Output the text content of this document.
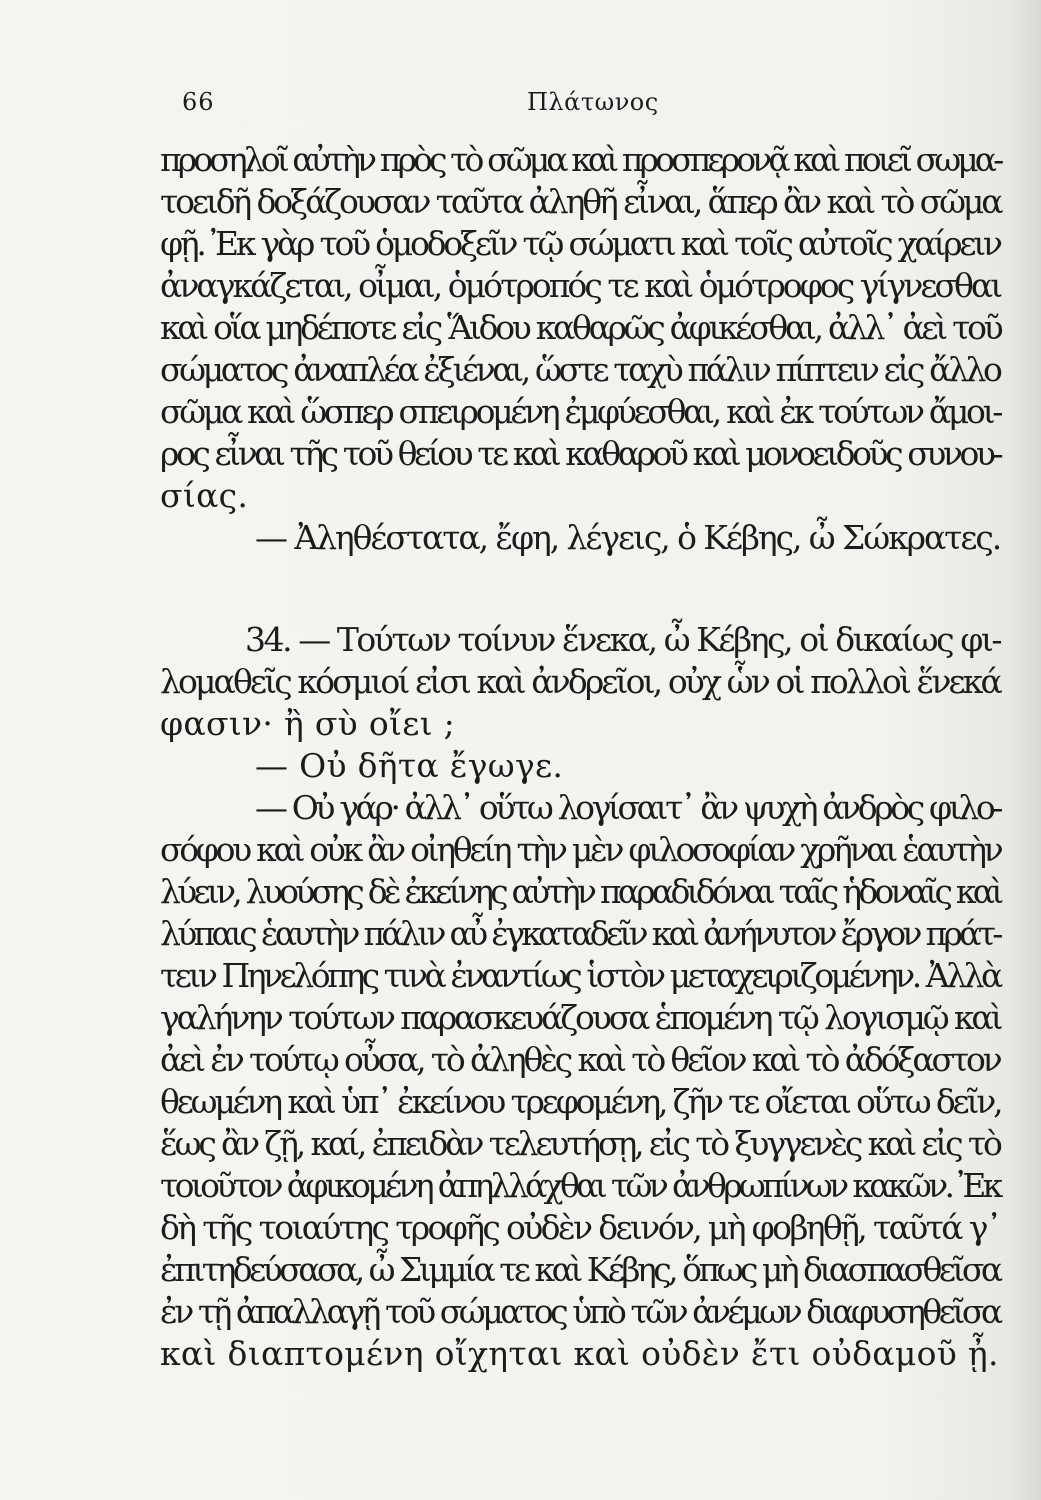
66	Πλάτωνος
προσηλοῖ αὐτὴν πρὸς τὸ σῶμα καὶ προσπερονᾷ καὶ ποιεῖ σωμα-
τοειδῆ δοξάζουσαν ταῦτα ἀληθῆ εἶναι, ἅπερ ἂν καὶ τὸ σῶμα
φῇ. Ἐκ γὰρ τοῦ ὁμοδοξεῖν τῷ σώματι καὶ τοῖς αὐτοῖς χαίρειν
ἀναγκάζεται, οἶμαι, ὁμότροπός τε καὶ ὁμότροφος γίγνεσθαι
καὶ οἵα μηδέποτε εἰς Ἅιδου καθαρῶς ἀφικέσθαι, ἀλλ᾽ ἀεὶ τοῦ
σώματος ἀναπλέα ἐξιέναι, ὥστε ταχὺ πάλιν πίπτειν εἰς ἄλλο
σῶμα καὶ ὥσπερ σπειρομένη ἐμφύεσθαι, καὶ ἐκ τούτων ἄμοι-
ρος εἶναι τῆς τοῦ θείου τε καὶ καθαροῦ καὶ μονοειδοῦς συνου-
σίας.
— Ἀληθέστατα, ἔφη, λέγεις, ὁ Κέβης, ὦ Σώκρατες.
34. — Τούτων τοίνυν ἕνεκα, ὦ Κέβης, οἱ δικαίως φι-
λομαθεῖς κόσμιοί εἰσι καὶ ἀνδρεῖοι, οὐχ ὧν οἱ πολλοὶ ἕνεκά
φασιν· ἢ σὺ οἴει ;
— Οὐ δῆτα ἔγωγε.
— Οὐ γάρ· ἀλλ᾽ οὕτω λογίσαιτ᾽ ἂν ψυχὴ ἀνδρὸς φιλο-
σόφου καὶ οὐκ ἂν οἰηθείη τὴν μὲν φιλοσοφίαν χρῆναι ἑαυτὴν
λύειν, λυούσης δὲ ἐκείνης αὐτὴν παραδιδόναι ταῖς ἡδοναῖς καὶ
λύπαις ἑαυτὴν πάλιν αὖ ἐγκαταδεῖν καὶ ἀνήνυτον ἔργον πράτ-
τειν Πηνελόπης τινὰ ἐναντίως ἱστὸν μεταχειριζομένην. Ἀλλὰ
γαλήνην τούτων παρασκευάζουσα ἑπομένη τῷ λογισμῷ καὶ
ἀεὶ ἐν τούτῳ οὖσα, τὸ ἀληθὲς καὶ τὸ θεῖον καὶ τὸ ἀδόξαστον
θεωμένη καὶ ὑπ᾽ ἐκείνου τρεφομένη, ζῆν τε οἴεται οὕτω δεῖν,
ἕως ἂν ζῇ, καί, ἐπειδὰν τελευτήσῃ, εἰς τὸ ξυγγενὲς καὶ εἰς τὸ
τοιοῦτον ἀφικομένη ἀπηλλάχθαι τῶν ἀνθρωπίνων κακῶν. Ἐκ
δὴ τῆς τοιαύτης τροφῆς οὐδὲν δεινόν, μὴ φοβηθῇ, ταῦτά γ᾽
ἐπιτηδεύσασα, ὦ Σιμμία τε καὶ Κέβης, ὅπως μὴ διασπασθεῖσα
ἐν τῇ ἀπαλλαγῇ τοῦ σώματος ὑπὸ τῶν ἀνέμων διαφυσηθεῖσα
καὶ διαπτομένη οἴχηται καὶ οὐδὲν ἔτι οὐδαμοῦ ᾖ.
